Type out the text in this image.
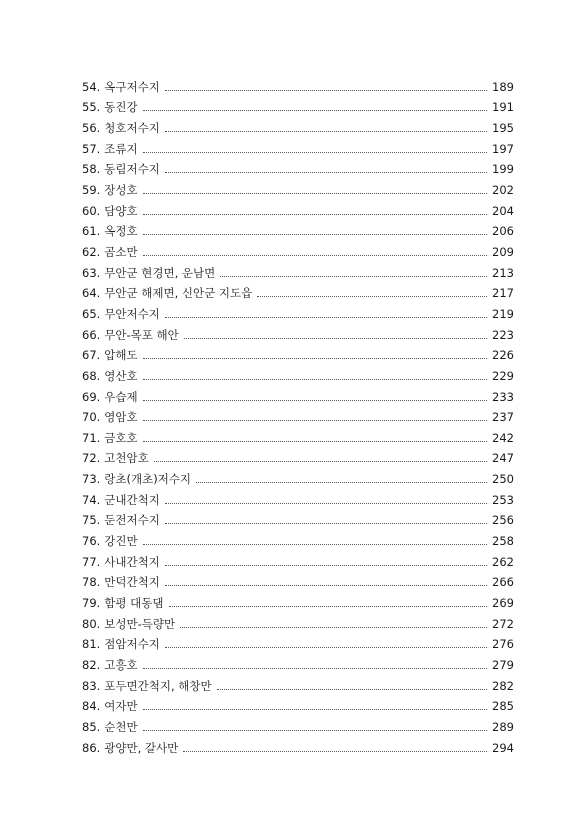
54. 옥구저수지	189
55. 동진강	191
56. 청호저수지	195
57. 조류지	197
58. 동림저수지	199
59. 장성호	202
60. 담양호	204
61. 옥정호	206
62. 곰소만	209
63. 무안군 현경면, 운남면	213
64. 무안군 해제면, 신안군 지도읍	217
65. 무안저수지	219
66. 무안-목포 해안	223
67. 압해도	226
68. 영산호	229
69. 우습제	233
70. 영암호	237
71. 금호호	242
72. 고천암호	247
73. 랑초(개초)저수지	250
74. 군내간척지	253
75. 둔전저수지	256
76. 강진만	258
77. 사내간척지	262
78. 만덕간척지	266
79. 함평 대동댐	269
80. 보성만-득량만	272
81. 점암저수지	276
82. 고흥호	279
83. 포두면간척지, 해창만	282
84. 여자만	285
85. 순천만	289
86. 광양만, 갈사만	294
